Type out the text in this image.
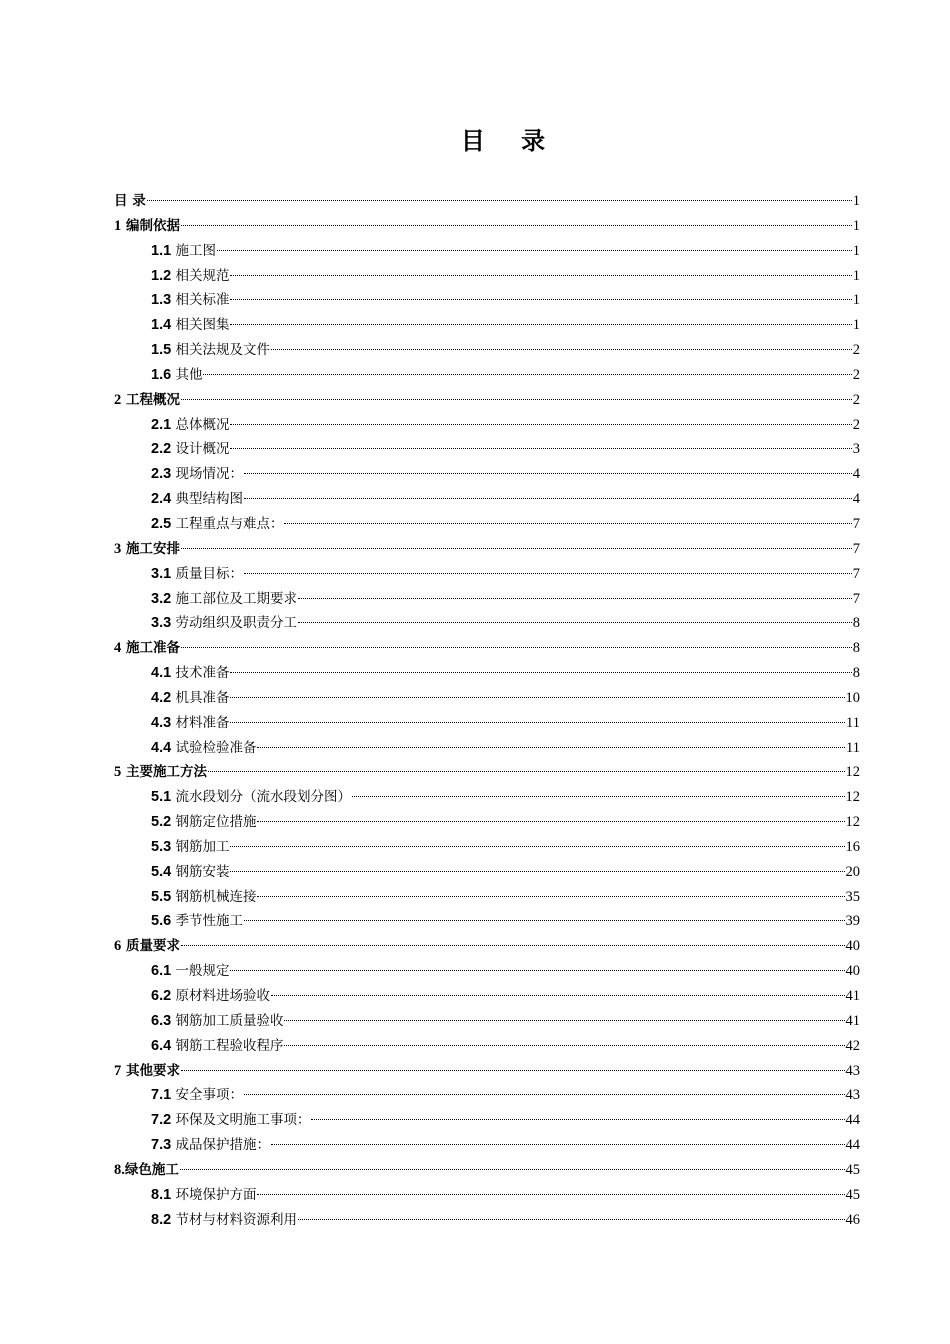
目 录
目 录	1
1 编制依据	1
1.1 施工图	1
1.2 相关规范	1
1.3 相关标准	1
1.4 相关图集	1
1.5 相关法规及文件	2
1.6 其他	2
2 工程概况	2
2.1 总体概况	2
2.2 设计概况	3
2.3 现场情况：	4
2.4 典型结构图	4
2.5 工程重点与难点：	7
3 施工安排	7
3.1 质量目标：	7
3.2 施工部位及工期要求	7
3.3 劳动组织及职责分工	8
4 施工准备	8
4.1 技术准备	8
4.2 机具准备	10
4.3 材料准备	11
4.4 试验检验准备	11
5 主要施工方法	12
5.1 流水段划分（流水段划分图）	12
5.2 钢筋定位措施	12
5.3 钢筋加工	16
5.4 钢筋安装	20
5.5 钢筋机械连接	35
5.6 季节性施工	39
6 质量要求	40
6.1 一般规定	40
6.2 原材料进场验收	41
6.3 钢筋加工质量验收	41
6.4 钢筋工程验收程序	42
7 其他要求	43
7.1 安全事项：	43
7.2 环保及文明施工事项：	44
7.3 成品保护措施：	44
8.绿色施工	45
8.1 环境保护方面	45
8.2 节材与材料资源利用	46
